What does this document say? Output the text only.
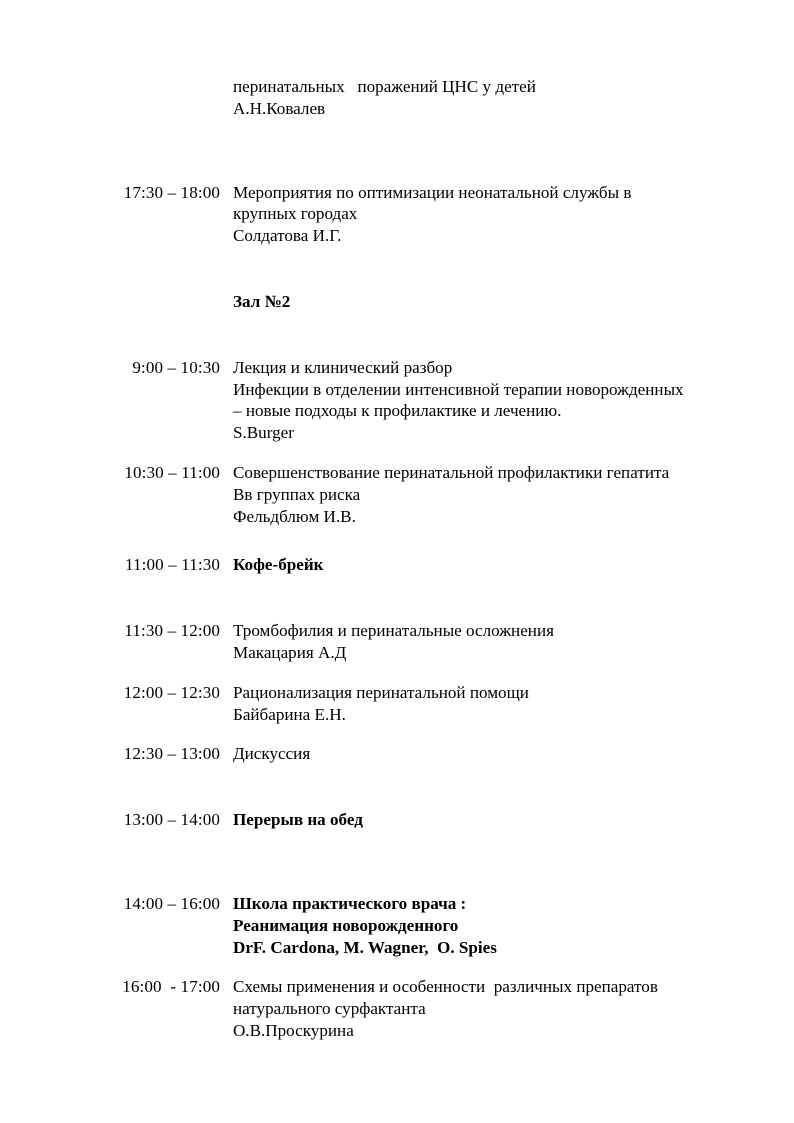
перинатальных   поражений ЦНС у детей
А.Н.Ковалев
17:30 – 18:00 Мероприятия по оптимизации неонатальной службы в
крупных городах
Солдатова И.Г.
Зал №2
9:00 – 10:30 Лекция и клинический разбор
Инфекции в отделении интенсивной терапии новорожденных
– новые подходы к профилактике и лечению.
S.Burger
10:30 – 11:00 Совершенствование перинатальной профилактики гепатита
Вв группах риска
Фельдблюм И.В.
11:00 – 11:30 Кофе-брейк
11:30 – 12:00 Тромбофилия и перинатальные осложнения
Макацария А.Д
12:00 – 12:30 Рационализация перинатальной помощи
Байбарина Е.Н.
12:30 – 13:00 Дискуссия
13:00 – 14:00 Перерыв на обед
14:00 – 16:00 Школа практического врача :
Реанимация новорожденного
DrF. Cardona, M. Wagner,  O. Spies
16:00  - 17:00 Схемы применения и особенности  различных препаратов
натурального сурфактанта
О.В.Проскурина
